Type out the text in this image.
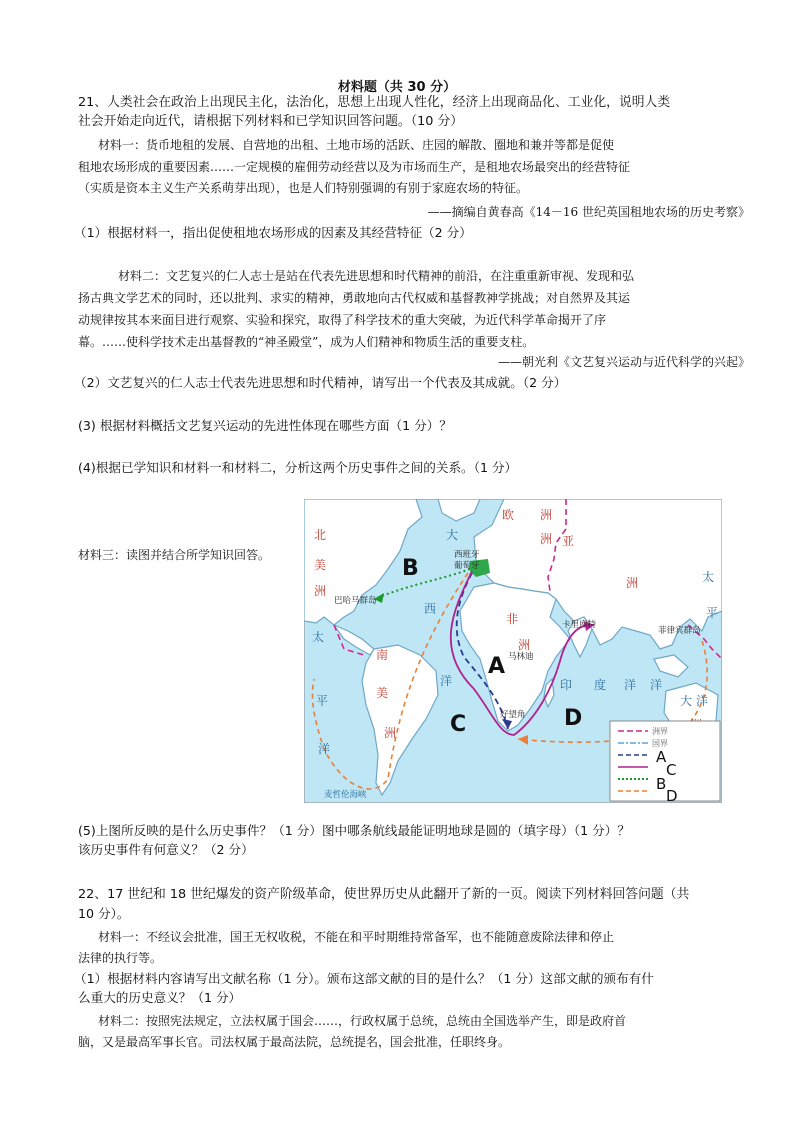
材料题（共 30 分）
21、人类社会在政治上出现民主化，法治化，思想上出现人性化，经济上出现商品化、工业化，说明人类
社会开始走向近代，请根据下列材料和已学知识回答问题。（10 分）
材料一：货币地租的发展、自营地的出租、土地市场的活跃、庄园的解散、圈地和兼并等都是促使
租地农场形成的重要因素……一定规模的雇佣劳动经营以及为市场而生产，是租地农场最突出的经营特征
（实质是资本主义生产关系萌芽出现），也是人们特别强调的有别于家庭农场的特征。
——摘编自黄春高《14－16 世纪英国租地农场的历史考察》
（1）根据材料一，指出促使租地农场形成的因素及其经营特征（2 分）
材料二：文艺复兴的仁人志士是站在代表先进思想和时代精神的前沿，在注重重新审视、发现和弘
扬古典文学艺术的同时，还以批判、求实的精神，勇敢地向古代权威和基督教神学挑战；对自然界及其运
动规律按其本来面目进行观察、实验和探究，取得了科学技术的重大突破，为近代科学革命揭开了序
幕。……使科学技术走出基督教的“神圣殿堂”，成为人们精神和物质生活的重要支柱。
——朝光利《文艺复兴运动与近代科学的兴起》
（2）文艺复兴的仁人志士代表先进思想和时代精神，请写出一个代表及其成就。（2 分）
(3) 根据材料概括文艺复兴运动的先进性体现在哪些方面（1 分）？
(4)根据已学知识和材料一和材料二，分析这两个历史事件之间的关系。（1 分）
材料三：读图并结合所学知识回答。
大
西
洋
太
平
洋
印 度 洋
太
平
洋
大 洋
北
美
洲
南
美
洲
欧 洲
非
洲
亚
洲
洲
西班牙
葡萄牙
巴哈马群岛
卡里库特
马林迪
好望角
菲律宾群岛
麦哲伦海峡
B
A
C	D
洲界
国界
A
C
B
D
(5)上图所反映的是什么历史事件？（1 分）图中哪条航线最能证明地球是圆的（填字母）（1 分）？
该历史事件有何意义？（2 分）
22、17 世纪和 18 世纪爆发的资产阶级革命，使世界历史从此翻开了新的一页。阅读下列材料回答问题（共
10 分）。
材料一：不经议会批准，国王无权收税，不能在和平时期维持常备军，也不能随意废除法律和停止
法律的执行等。
（1）根据材料内容请写出文献名称（1 分）。颁布这部文献的目的是什么？（1 分）这部文献的颁布有什
么重大的历史意义？（1 分）
材料二：按照宪法规定，立法权属于国会……，行政权属于总统，总统由全国选举产生，即是政府首
脑，又是最高军事长官。司法权属于最高法院，总统提名，国会批准，任职终身。
